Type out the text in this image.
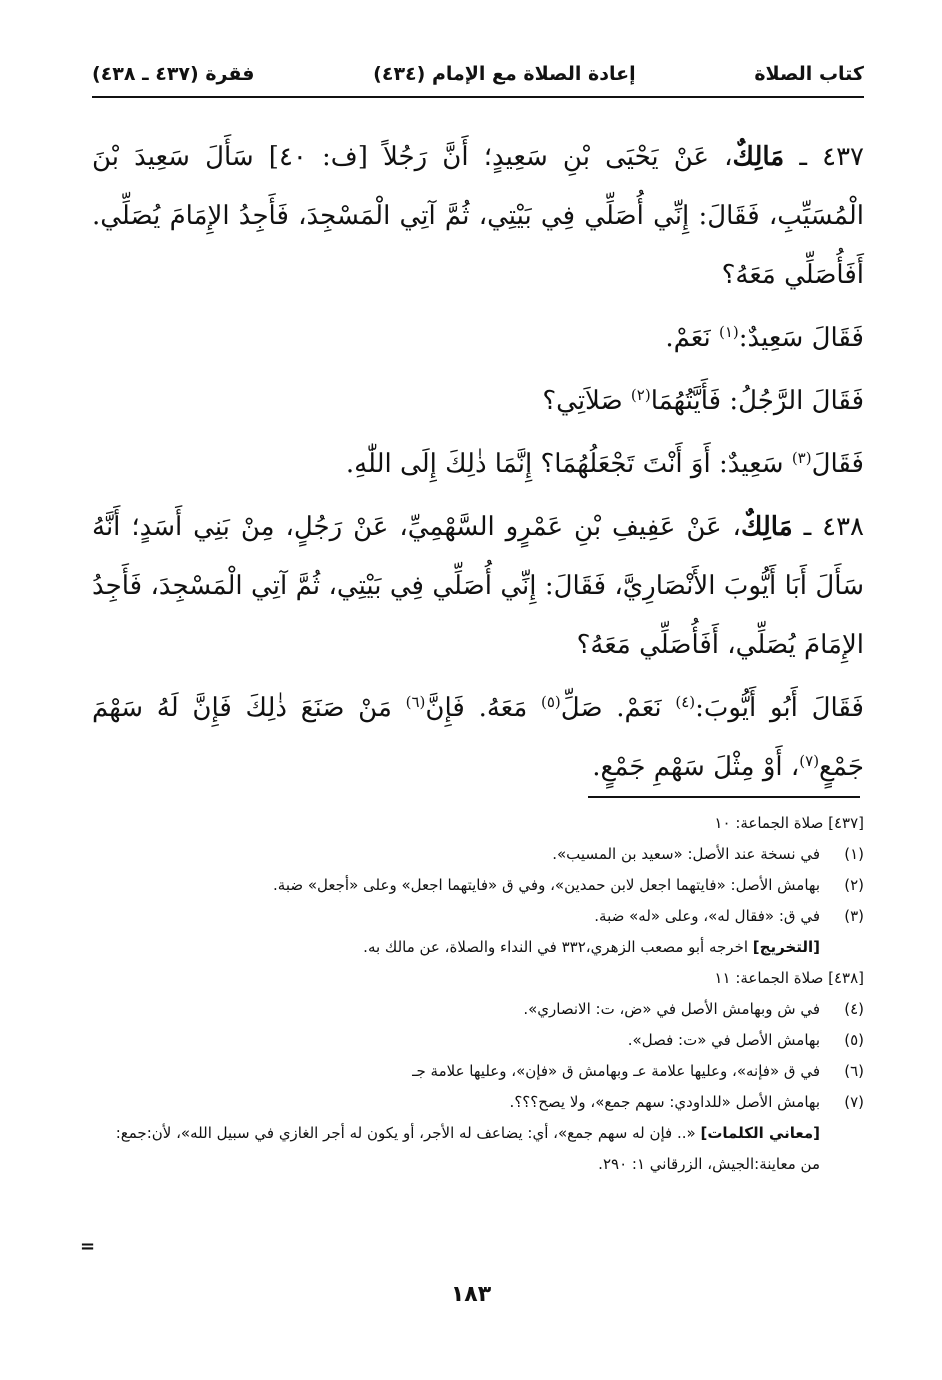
(٤٣٧ ـ ٤٣٨) فقرة	(٤٣٤) إعادة الصلاة مع الإمام	كتاب الصلاة

٤٣٧ ـ مَالِكٌ، عَنْ يَحْيَى بْنِ سَعِيدٍ؛ أَنَّ رَجُلاً [ف: ٤٠] سَأَلَ سَعِيدَ بْنَ الْمُسَيِّبِ، فَقَالَ: إِنِّي أُصَلِّي فِي بَيْتِي، ثُمَّ آتِي الْمَسْجِدَ، فَأَجِدُ الإِمَامَ يُصَلِّي. أَفَأُصَلِّي مَعَهُ؟

فَقَالَ سَعِيدٌ:$^{(١)}$ نَعَمْ.

فَقَالَ الرَّجُلُ: فَأَيَّتُهُمَا$^{(٢)}$ صَلاَتِي؟

فَقَالَ$^{(٣)}$ سَعِيدٌ: أَوَ أَنْتَ تَجْعَلُهُمَا؟ إِنَّمَا ذٰلِكَ إِلَى اللّٰهِ.

٤٣٨ ـ مَالِكٌ، عَنْ عَفِيفِ بْنِ عَمْرٍو السَّهْمِيِّ، عَنْ رَجُلٍ، مِنْ بَنِي أَسَدٍ؛ أَنَّهُ سَأَلَ أَبَا أَيُّوبَ الأَنْصَارِيَّ، فَقَالَ: إِنِّي أُصَلِّي فِي بَيْتِي، ثُمَّ آتِي الْمَسْجِدَ، فَأَجِدُ الإِمَامَ يُصَلِّي، أَفَأُصَلِّي مَعَهُ؟

فَقَالَ أَبُو أَيُّوبَ:$^{(٤)}$ نَعَمْ. صَلِّ$^{(٥)}$ مَعَهُ. فَإِنَّ$^{(٦)}$ مَنْ صَنَعَ ذٰلِكَ فَإِنَّ لَهُ سَهْمَ جَمْعٍ$^{(٧)}$، أَوْ مِثْلَ سَهْمِ جَمْعٍ.

[٤٣٧] صلاة الجماعة: ١٠

(١)
في نسخة عند الأصل: «سعيد بن المسيب».
(٢)
بهامش الأصل: «فايتهما اجعل لابن حمدين»، وفي ق «فايتهما اجعل» وعلى «أجعل» ضبة.
(٣)
في ق: «فقال له»، وعلى «له» ضبة.

[التخريج] اخرجه أبو مصعب الزهري،٣٣٢ في النداء والصلاة، عن مالك به.

[٤٣٨] صلاة الجماعة: ١١

(٤)
في ش وبهامش الأصل في «ض، ت: الانصاري».
(٥)
بهامش الأصل في «ت: فصل».
(٦)
في ق «فإنه»، وعليها علامة عـ وبهامش ق «فإن»، وعليها علامة جـ
(٧)
بهامش الأصل «للداودي: سهم جمع»، ولا يصح؟؟؟.

[معاني الكلمات] «.. فإن له سهم جمع»، أي: يضاعف له الأجر، أو يكون له أجر الغازي في سبيل الله»، لأن:جمع: من معاينة:الجيش، الزرقاني ١: ٢٩٠.

=
١٨٣
